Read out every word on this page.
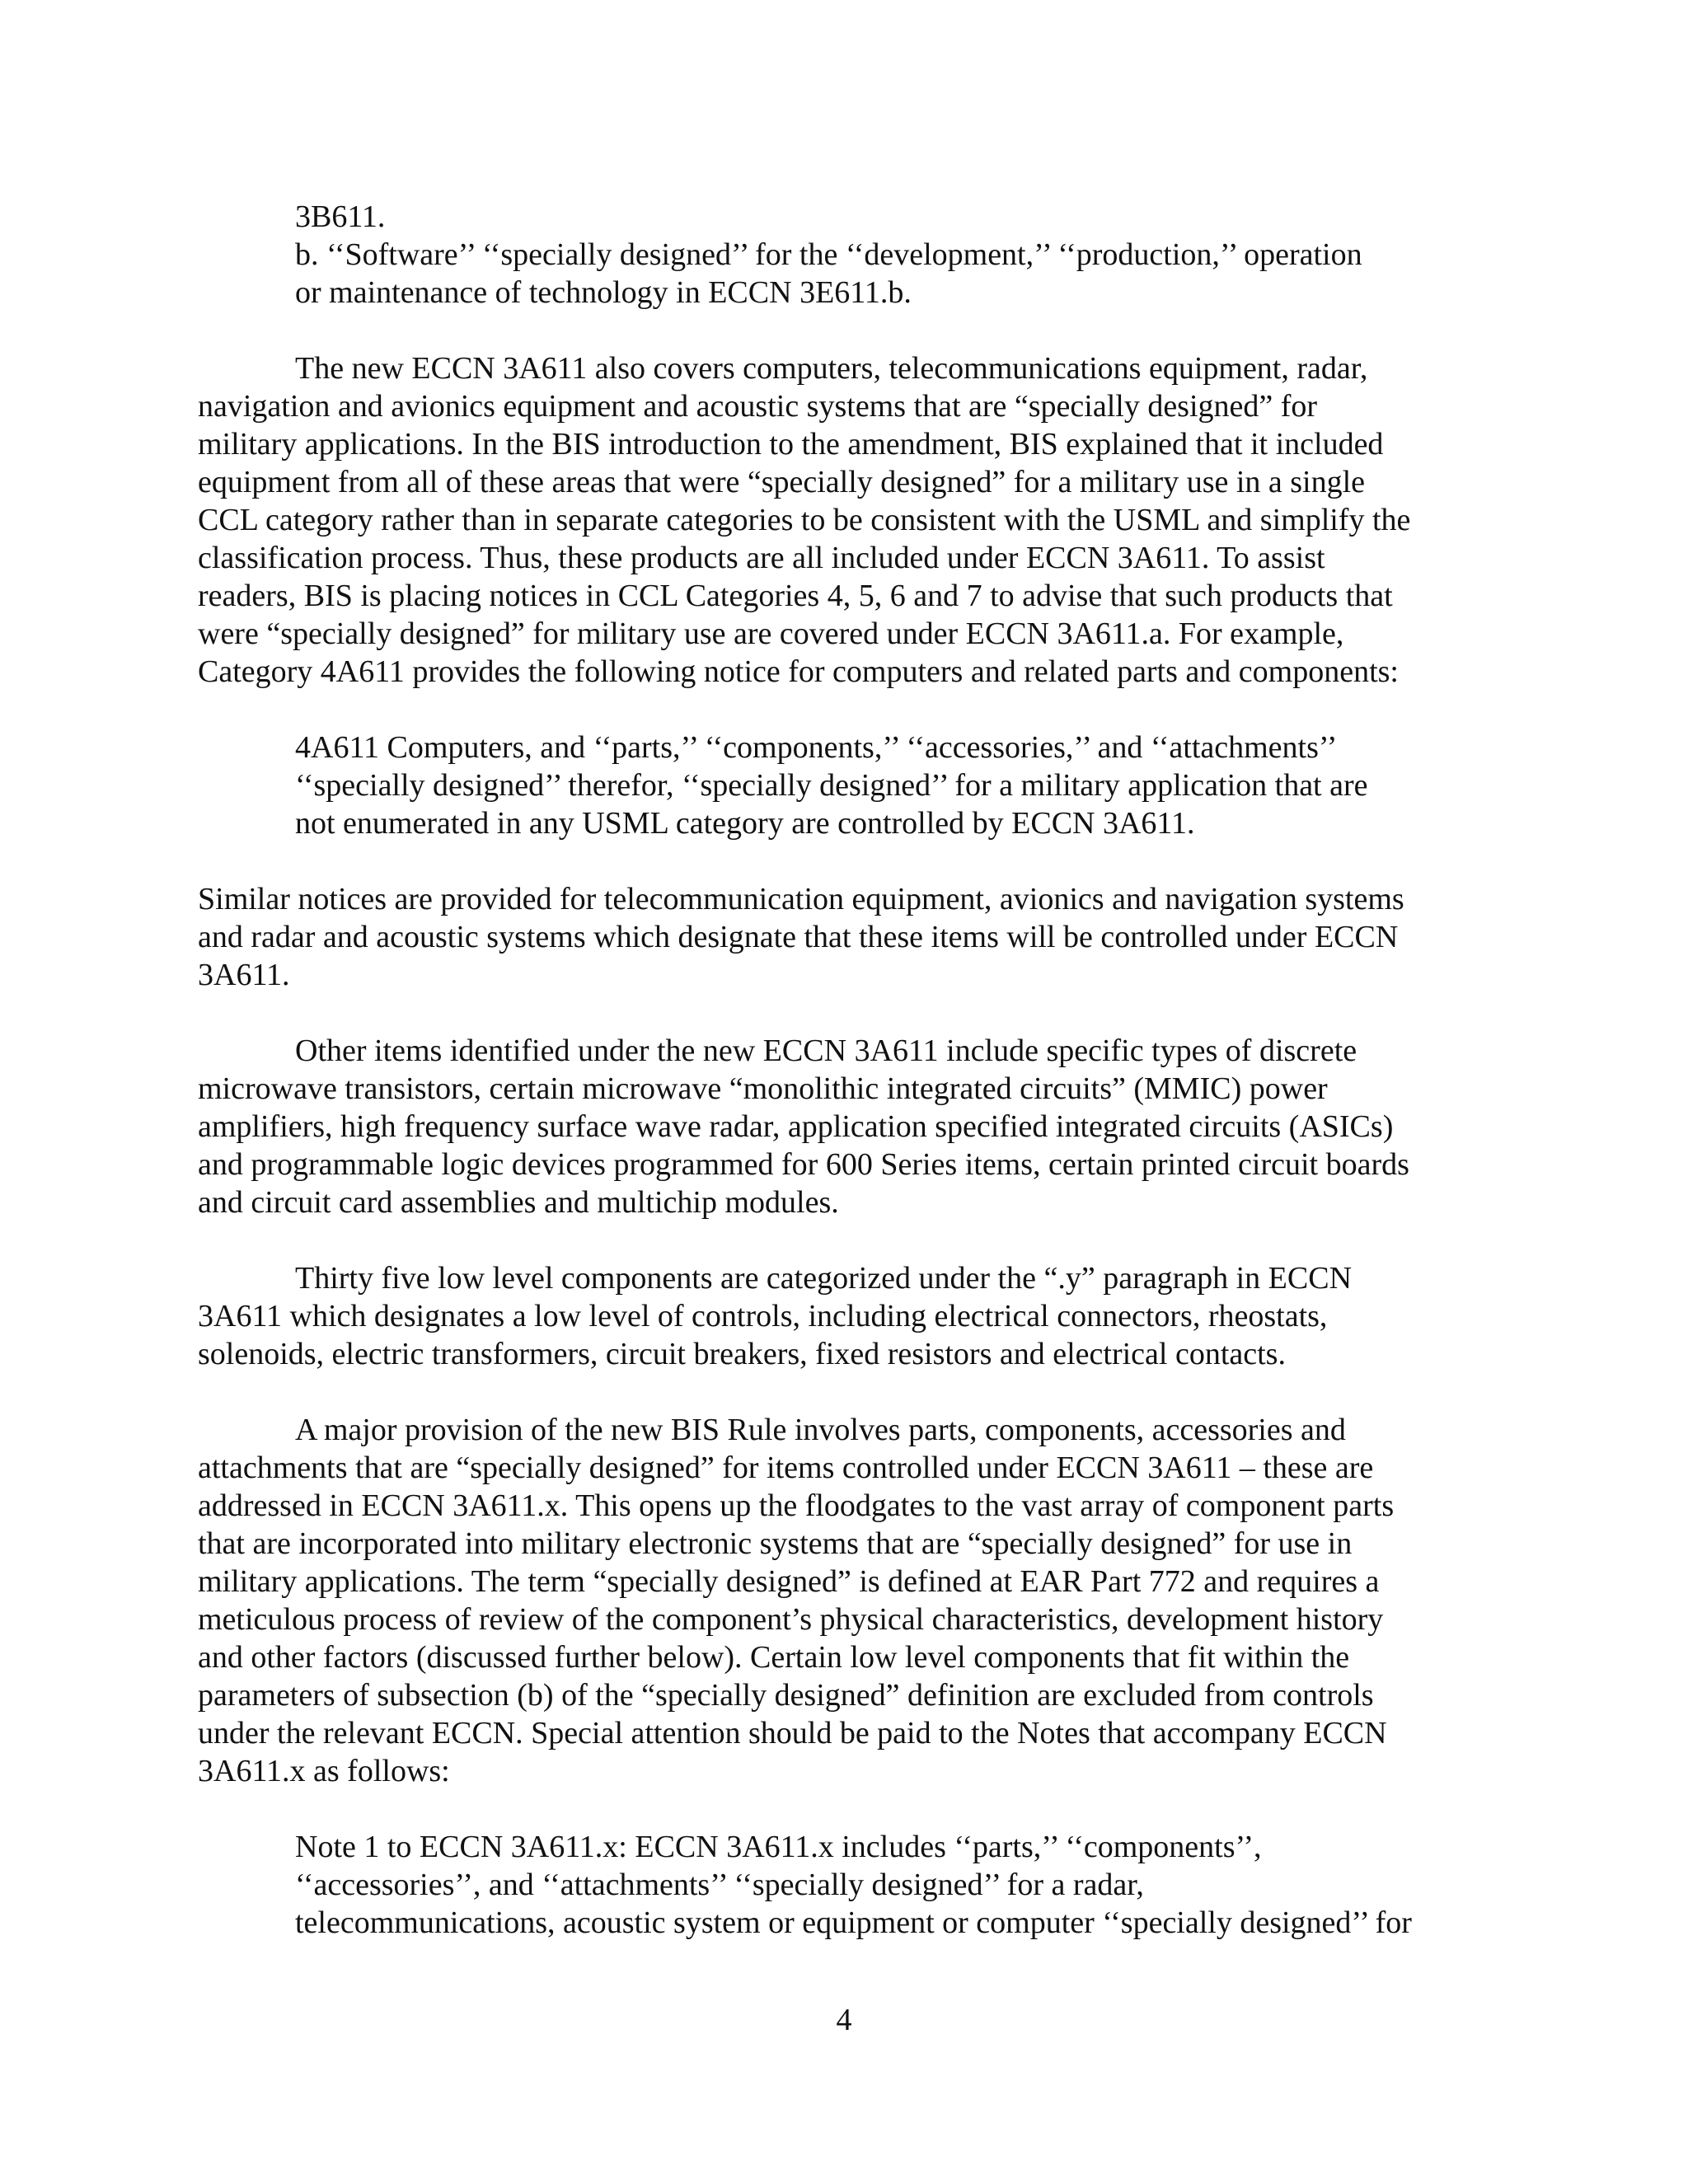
3B611.
b. ‘‘Software’’ ‘‘specially designed’’ for the ‘‘development,’’ ‘‘production,’’ operation
or maintenance of technology in ECCN 3E611.b.
The new ECCN 3A611 also covers computers, telecommunications equipment, radar,
navigation and avionics equipment and acoustic systems that are “specially designed” for
military applications. In the BIS introduction to the amendment, BIS explained that it included
equipment from all of these areas that were “specially designed” for a military use in a single
CCL category rather than in separate categories to be consistent with the USML and simplify the
classification process. Thus, these products are all included under ECCN 3A611. To assist
readers, BIS is placing notices in CCL Categories 4, 5, 6 and 7 to advise that such products that
were “specially designed” for military use are covered under ECCN 3A611.a. For example,
Category 4A611 provides the following notice for computers and related parts and components:
4A611 Computers, and ‘‘parts,’’ ‘‘components,’’ ‘‘accessories,’’ and ‘‘attachments’’
‘‘specially designed’’ therefor, ‘‘specially designed’’ for a military application that are
not enumerated in any USML category are controlled by ECCN 3A611.
Similar notices are provided for telecommunication equipment, avionics and navigation systems
and radar and acoustic systems which designate that these items will be controlled under ECCN
3A611.
Other items identified under the new ECCN 3A611 include specific types of discrete
microwave transistors, certain microwave “monolithic integrated circuits” (MMIC) power
amplifiers, high frequency surface wave radar, application specified integrated circuits (ASICs)
and programmable logic devices programmed for 600 Series items, certain printed circuit boards
and circuit card assemblies and multichip modules.
Thirty five low level components are categorized under the “.y” paragraph in ECCN
3A611 which designates a low level of controls, including electrical connectors, rheostats,
solenoids, electric transformers, circuit breakers, fixed resistors and electrical contacts.
A major provision of the new BIS Rule involves parts, components, accessories and
attachments that are “specially designed” for items controlled under ECCN 3A611 – these are
addressed in ECCN 3A611.x. This opens up the floodgates to the vast array of component parts
that are incorporated into military electronic systems that are “specially designed” for use in
military applications. The term “specially designed” is defined at EAR Part 772 and requires a
meticulous process of review of the component’s physical characteristics, development history
and other factors (discussed further below). Certain low level components that fit within the
parameters of subsection (b) of the “specially designed” definition are excluded from controls
under the relevant ECCN. Special attention should be paid to the Notes that accompany ECCN
3A611.x as follows:
Note 1 to ECCN 3A611.x: ECCN 3A611.x includes ‘‘parts,’’ ‘‘components’’,
‘‘accessories’’, and ‘‘attachments’’ ‘‘specially designed’’ for a radar,
telecommunications, acoustic system or equipment or computer ‘‘specially designed’’ for
4
